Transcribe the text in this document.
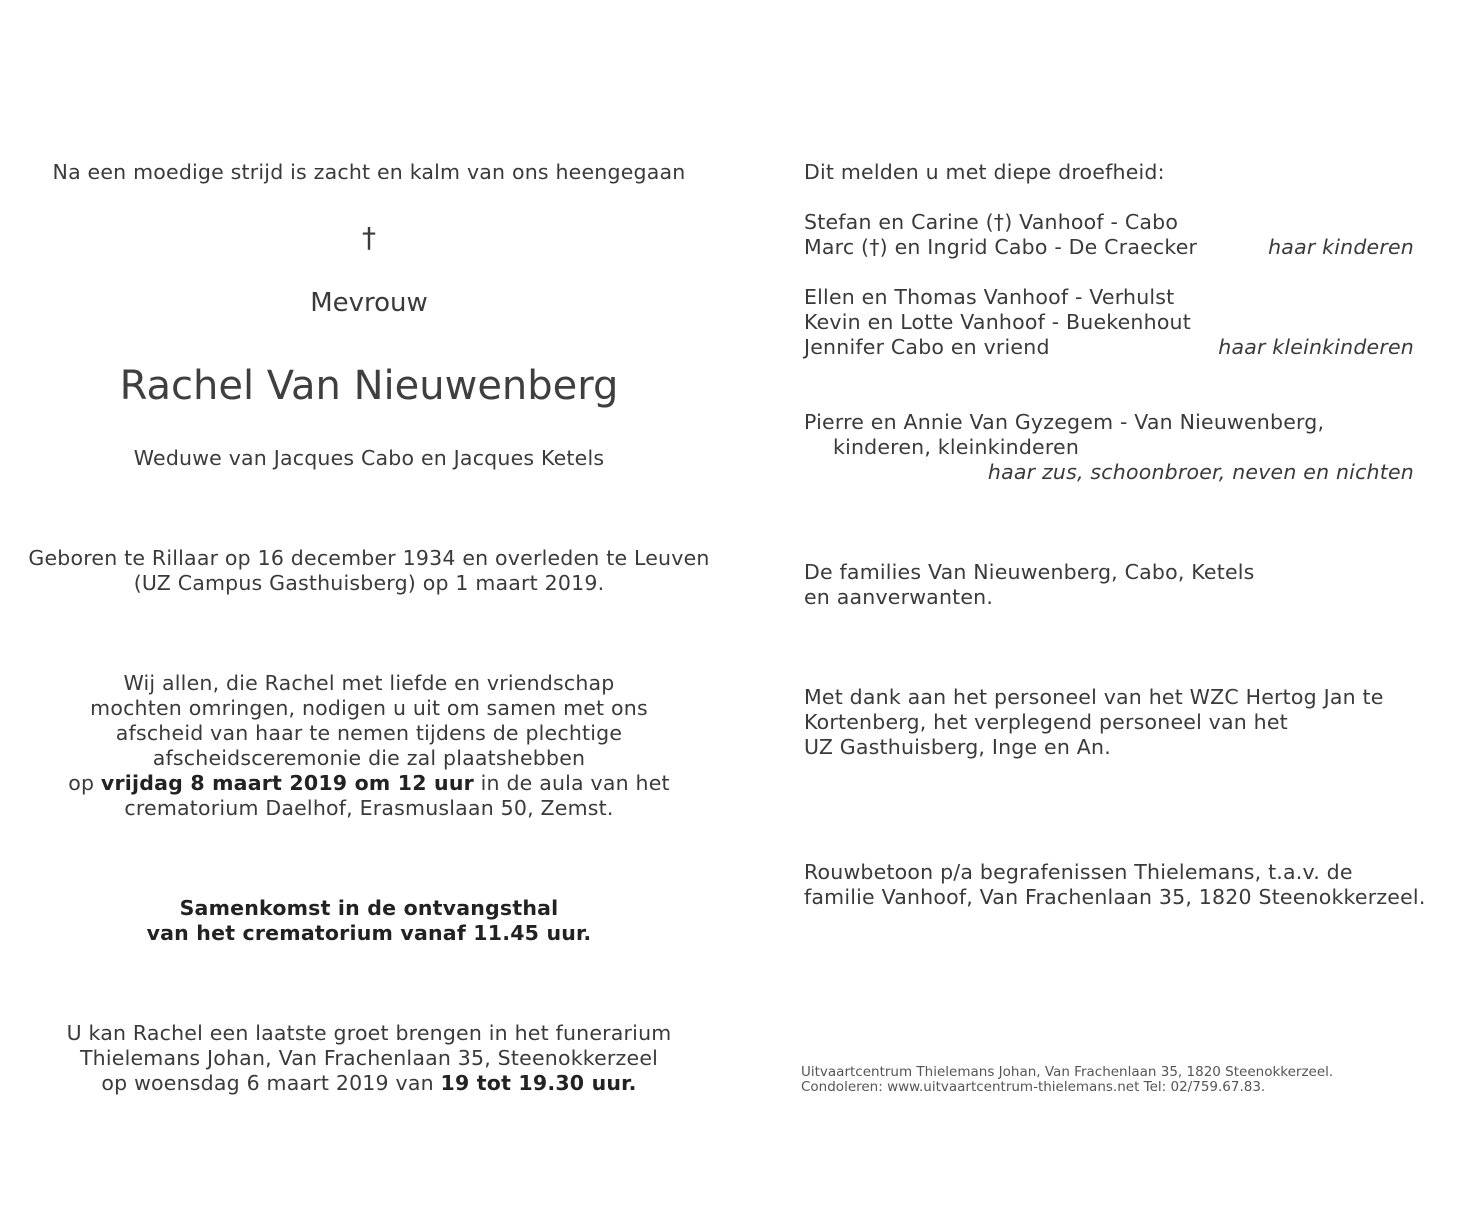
Na een moedige strijd is zacht en kalm van ons heengegaan
†
Mevrouw
Rachel Van Nieuwenberg
Weduwe van Jacques Cabo en Jacques Ketels
Geboren te Rillaar op 16 december 1934 en overleden te Leuven
(UZ Campus Gasthuisberg) op 1 maart 2019.
Wij allen, die Rachel met liefde en vriendschap
mochten omringen, nodigen u uit om samen met ons
afscheid van haar te nemen tijdens de plechtige
afscheidsceremonie die zal plaatshebben
op vrijdag 8 maart 2019 om 12 uur in de aula van het
crematorium Daelhof, Erasmuslaan 50, Zemst.
Samenkomst in de ontvangsthal
van het crematorium vanaf 11.45 uur.
U kan Rachel een laatste groet brengen in het funerarium
Thielemans Johan, Van Frachenlaan 35, Steenokkerzeel
op woensdag 6 maart 2019 van 19 tot 19.30 uur.
Dit melden u met diepe droefheid:
Stefan en Carine (†) Vanhoof - Cabo
Marc (†) en Ingrid Cabo - De Craecker	haar kinderen
Ellen en Thomas Vanhoof - Verhulst
Kevin en Lotte Vanhoof - Buekenhout
Jennifer Cabo en vriend	haar kleinkinderen
Pierre en Annie Van Gyzegem - Van Nieuwenberg,
kinderen, kleinkinderen
haar zus, schoonbroer, neven en nichten
De families Van Nieuwenberg, Cabo, Ketels
en aanverwanten.
Met dank aan het personeel van het WZC Hertog Jan te
Kortenberg, het verplegend personeel van het
UZ Gasthuisberg, Inge en An.
Rouwbetoon p/a begrafenissen Thielemans, t.a.v. de
familie Vanhoof, Van Frachenlaan 35, 1820 Steenokkerzeel.
Uitvaartcentrum Thielemans Johan, Van Frachenlaan 35, 1820 Steenokkerzeel.
Condoleren: www.uitvaartcentrum-thielemans.net Tel: 02/759.67.83.
